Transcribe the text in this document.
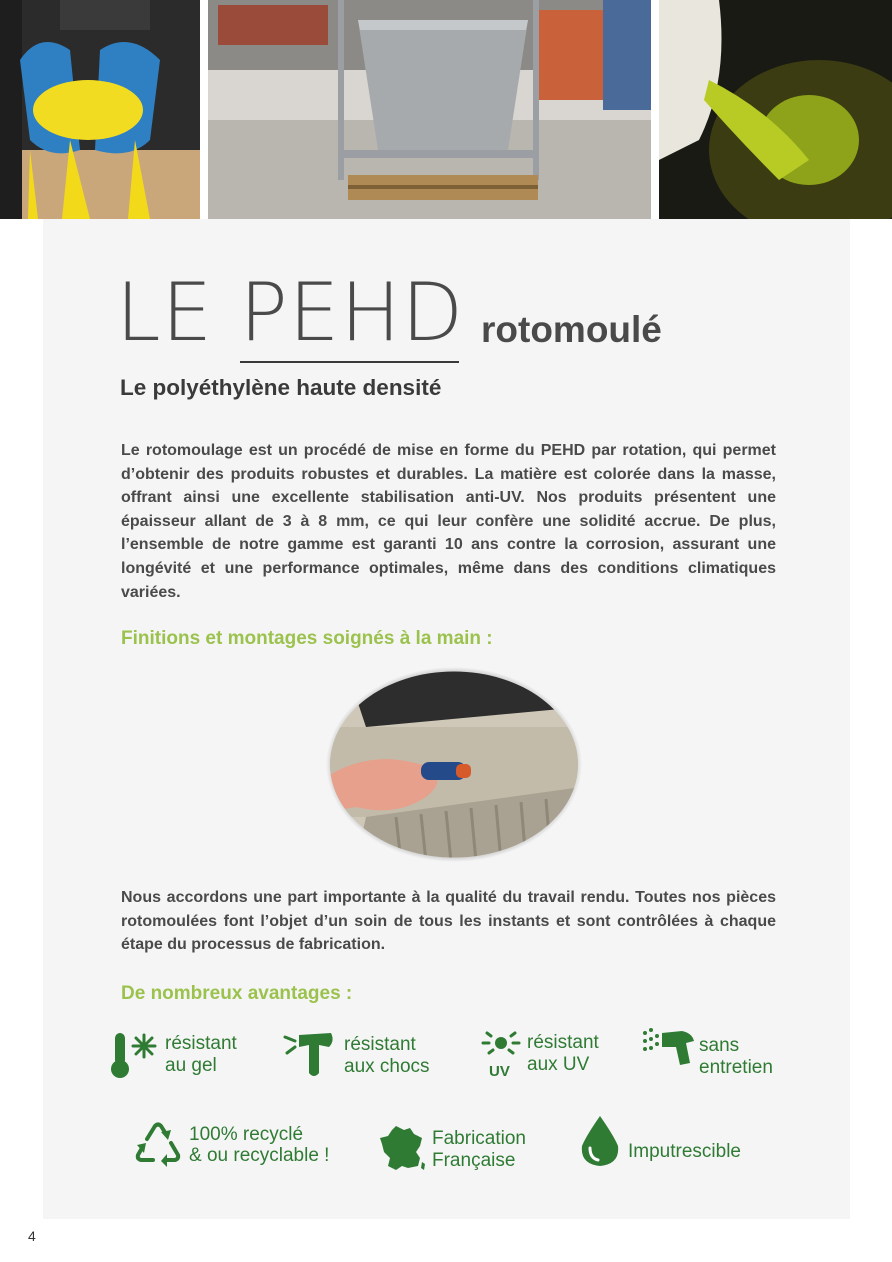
LE PEHD rotomoulé
Le polyéthylène haute densité

Le rotomoulage est un procédé de mise en forme du PEHD par rotation, qui permet d’obtenir des produits robustes et durables. La matière est colorée dans la masse, offrant ainsi une excellente stabilisation anti-UV. Nos produits présentent une épaisseur allant de 3 à 8 mm, ce qui leur confère une solidité accrue. De plus, l’ensemble de notre gamme est garanti 10 ans contre la corrosion, assurant une longévité et une performance optimales, même dans des conditions climatiques variées.

Finitions et montages soignés à la main :

Nous accordons une part importante à la qualité du travail rendu. Toutes nos pièces rotomoulées font l’objet d’un soin de tous les instants et sont contrôlées à chaque étape du processus de fabrication.

De nombreux avantages :
résistant
au gel
résistant
aux chocs	UV
résistant
aux UV
sans
entretien
100% recyclé
& ou recyclable !
Fabrication
Française	Imputrescible
4
